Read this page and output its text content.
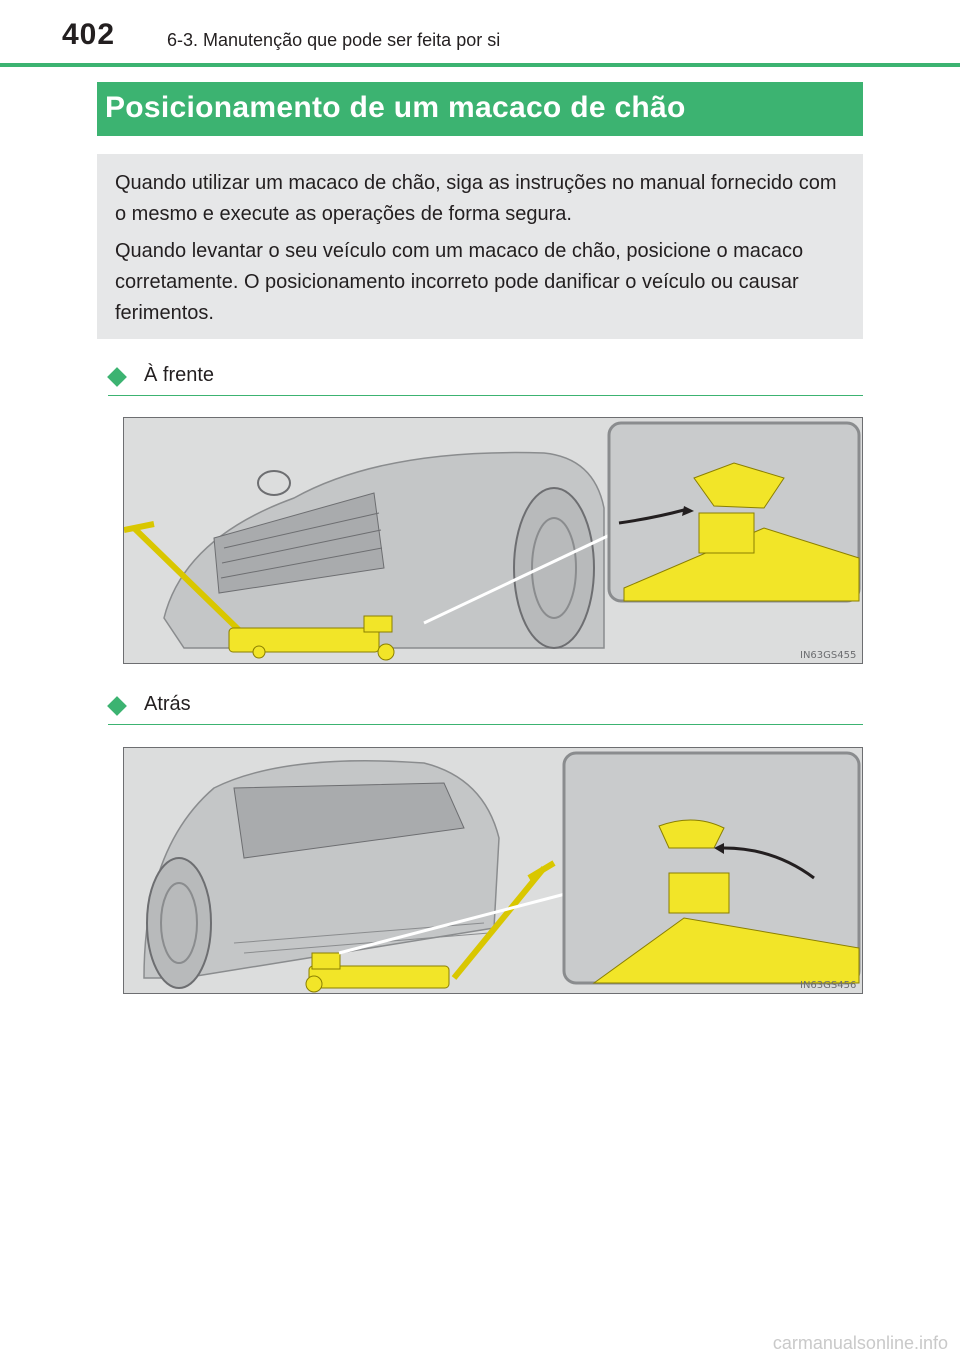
402	6-3. Manutenção que pode ser feita por si
Posicionamento de um macaco de chão

Quando utilizar um macaco de chão, siga as instruções no manual fornecido com o mesmo e execute as operações de forma segura.

Quando levantar o seu veículo com um macaco de chão, posicione o macaco corretamente. O posicionamento incorreto pode danificar o veículo ou causar ferimentos.

À frente
IN63GS455
Atrás
IN63GS456
carmanualsonline.info
